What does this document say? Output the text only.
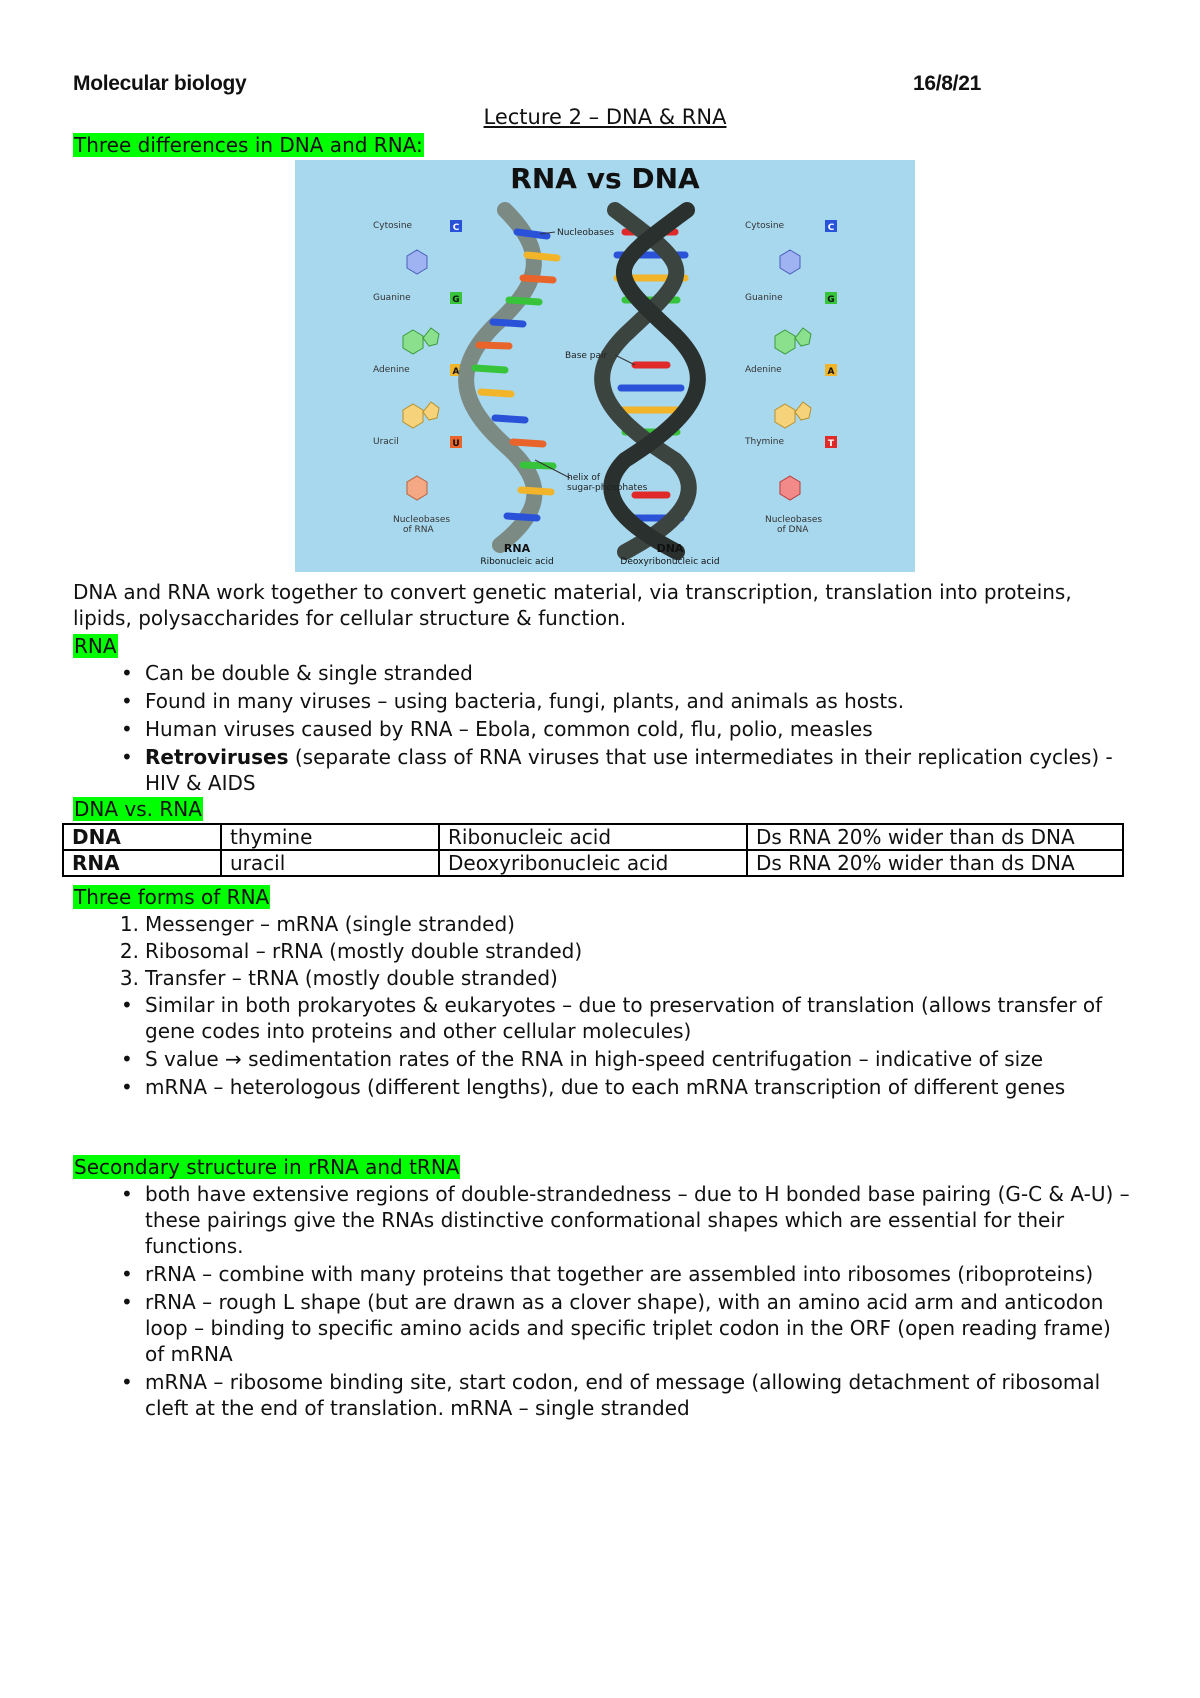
Molecular biology	16/8/21
Lecture 2 – DNA & RNA
Three differences in DNA and RNA:
RNA vs DNA
Cytosine
Guanine
Adenine
Uracil
C
G
A
U
Nucleobases
of RNA
Cytosine
Guanine
Adenine
Thymine
C
G
A
T
Nucleobases
of DNA
Nucleobases
Base pair
helix of
sugar-phosphates
RNA
Ribonucleic acid
DNA
Deoxyribonucleic acid
DNA and RNA work together to convert genetic material, via transcription, translation into proteins, lipids, polysaccharides for cellular structure & function.
RNA
• Can be double & single stranded
• Found in many viruses – using bacteria, fungi, plants, and animals as hosts.
• Human viruses caused by RNA – Ebola, common cold, flu, polio, measles
• Retroviruses (separate class of RNA viruses that use intermediates in their replication cycles) - HIV & AIDS
DNA vs. RNA
DNA	thymine	Ribonucleic acid	Ds RNA 20% wider than ds DNA
RNA	uracil	Deoxyribonucleic acid	Ds RNA 20% wider than ds DNA
Three forms of RNA
1. Messenger – mRNA (single stranded)
2. Ribosomal – rRNA (mostly double stranded)
3. Transfer – tRNA (mostly double stranded)
• Similar in both prokaryotes & eukaryotes – due to preservation of translation (allows transfer of gene codes into proteins and other cellular molecules)
• S value → sedimentation rates of the RNA in high-speed centrifugation – indicative of size
• mRNA – heterologous (different lengths), due to each mRNA transcription of different genes
Secondary structure in rRNA and tRNA
• both have extensive regions of double-strandedness – due to H bonded base pairing (G-C & A-U) – these pairings give the RNAs distinctive conformational shapes which are essential for their functions.
• rRNA – combine with many proteins that together are assembled into ribosomes (riboproteins)
• rRNA – rough L shape (but are drawn as a clover shape), with an amino acid arm and anticodon loop – binding to specific amino acids and specific triplet codon in the ORF (open reading frame) of mRNA
• mRNA – ribosome binding site, start codon, end of message (allowing detachment of ribosomal cleft at the end of translation. mRNA – single stranded
